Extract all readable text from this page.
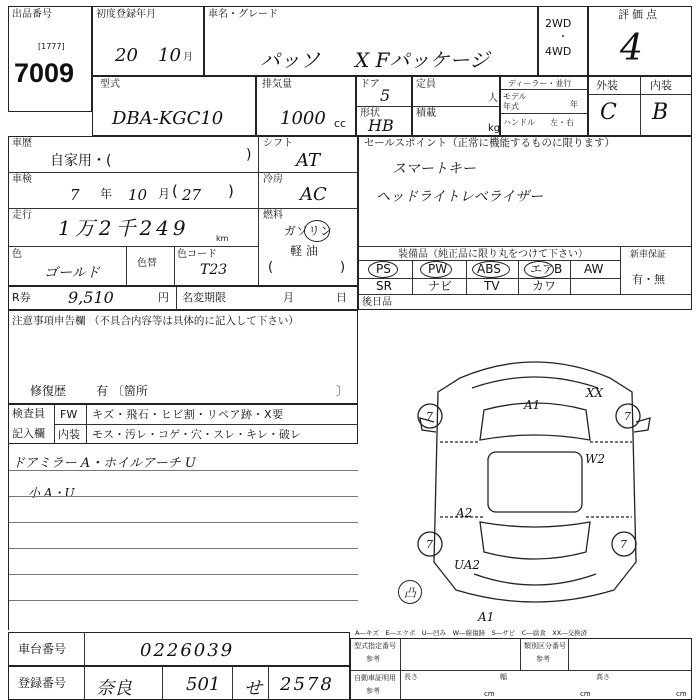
出品番号
[1777]
7009
初度登録年月
20 10 月
車名・グレード
パッソ X Fパッケージ
2WD
・
4WD
評価点
4
型式
DBA-KGC10
排気量
1000 cc
ドア
5
形状
HB
定員
人
積載
kg
ディーラー・並行
モデル
年式	年
ハンドル 左・右
外装	内装
C B
車歴
自家用・(	)
車検
7 年 10 月 ( 27 )
走行
1万2千249	km
色
ゴールド
色替
色コード
T23
シフト
AT
冷房
AC
燃料
ガソリン
(
軽 油
)
R券 9,510	円 名変期限	月	日
セールスポイント（正常に機能するものに限ります）
スマートキー
ヘッドライトレベライザー
装備品（純正品に限り丸をつけて下さい）	新車保証
有・無
PS	PW ABS エアB AW
SR	ナビ	TV	カワ
後日品
注意事項申告欄 （不具合内容等は具体的に記入して下さい）
修復歴 有 〔箇所	〕
検査員
記入欄
FW キズ・飛石・ヒビ割・リペア跡・X要
内装 モス・汚レ・コゲ・穴・スレ・キレ・破レ
ドアミラー A・ホイルアーチ U
小 A・U
7	7
7	7
A1
XX
W2
A2
UA2
A1
凸
A―キズ　E―エクボ　U―凹み　W―線傷跡　S―サビ　C―腐食　XX―交換済
車台番号	0226039
登録番号 奈良	501 せ 2578
型式指定番号
参考
類別区分番号
参考
自動車証明用
参考
長さ	幅	高さ
cm	cm	cm
